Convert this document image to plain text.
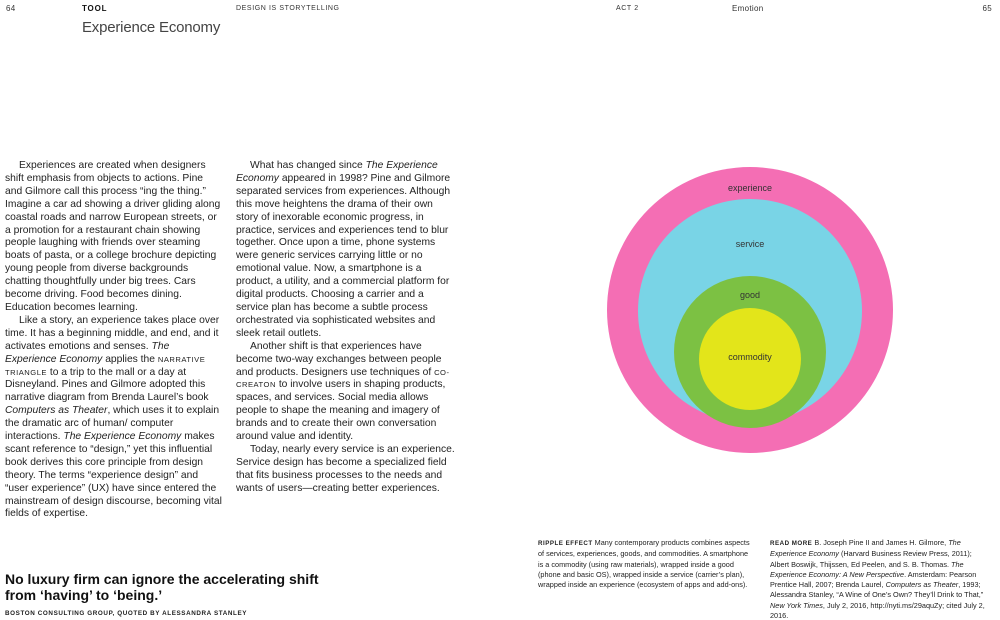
64	TOOL	DESIGN IS STORYTELLING	ACT 2	Emotion	65
Experience Economy

Experiences are created when designers shift emphasis from objects to actions. Pine and Gilmore call this process “ing the thing.” Imagine a car ad showing a driver gliding along coastal roads and narrow European streets, or a promotion for a restaurant chain showing people laughing with friends over steaming boats of pasta, or a college brochure depicting young people from diverse backgrounds chatting thoughtfully under big trees. Cars become driving. Food becomes dining. Education becomes learning.

Like a story, an experience takes place over time. It has a beginning middle, and end, and it activates emotions and senses. The Experience Economy applies the NARRATIVE TRIANGLE to a trip to the mall or a day at Disneyland. Pines and Gilmore adopted this narrative diagram from Brenda Laurel’s book Computers as Theater, which uses it to explain the dramatic arc of human/ computer interactions. The Experience Economy makes scant reference to “design,” yet this influential book derives this core principle from design theory. The terms “experience design” and “user experience” (UX) have since entered the mainstream of design discourse, becoming vital fields of expertise.

What has changed since The Experience Economy appeared in 1998? Pine and Gilmore separated services from experiences. Although this move heightens the drama of their own story of inexorable economic progress, in practice, services and experiences tend to blur together. Once upon a time, phone systems were generic services carrying little or no emotional value. Now, a smartphone is a product, a utility, and a commercial platform for digital products. Choosing a carrier and a service plan has become a subtle process orchestrated via sophisticated websites and sleek retail outlets.

Another shift is that experiences have become two-way exchanges between people and products. Designers use techniques of CO-CREATON to involve users in shaping products, spaces, and services. Social media allows people to shape the meaning and imagery of brands and to create their own conversation around value and identity.

Today, nearly every service is an experience. Service design has become a specialized field that fits business processes to the needs and wants of users—creating better experiences.

experience
service
good
commodity
RIPPLE EFFECT Many contemporary products combines aspects of services, experiences, goods, and commodities. A smartphone is a commodity (using raw materials), wrapped inside a good (phone and basic OS), wrapped inside a service (carrier’s plan), wrapped inside an experience (ecosystem of apps and add-ons).
READ MORE B. Joseph Pine II and James H. Gilmore, The Experience Economy (Harvard Business Review Press, 2011); Albert Boswijk, Thijssen, Ed Peelen, and S. B. Thomas. The Experience Economy: A New Perspective. Amsterdam: Pearson Prentice Hall, 2007; Brenda Laurel, Computers as Theater, 1993; Alessandra Stanley, “A Wine of One’s Own? They’ll Drink to That,” New York Times, July 2, 2016, http://nyti.ms/29aquZy; cited July 2, 2016.
No luxury firm can ignore the accelerating shift from ‘having’ to ‘being.’
BOSTON CONSULTING GROUP, QUOTED BY ALESSANDRA STANLEY
